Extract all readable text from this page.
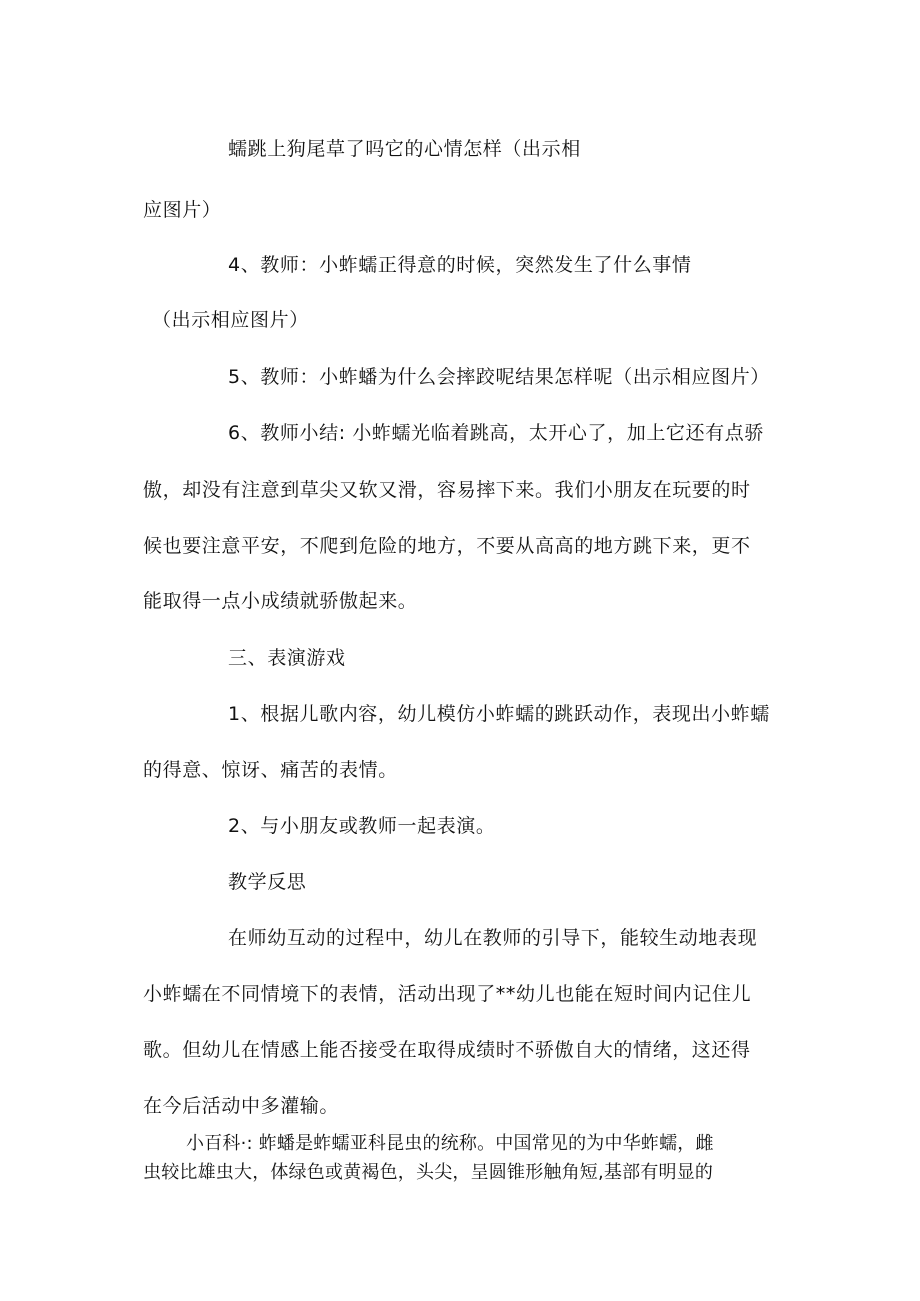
蠕跳上狗尾草了吗它的心情怎样（出示相
应图片）
4、教师：小蚱蠕正得意的时候，突然发生了什么事情
（出示相应图片）
5、教师：小蚱蟠为什么会摔跤呢结果怎样呢（出示相应图片）
6、教师小结: 小蚱蠕光临着跳高，太开心了，加上它还有点骄
傲，却没有注意到草尖又软又滑，容易摔下来。我们小朋友在玩要的时
候也要注意平安，不爬到危险的地方，不要从高高的地方跳下来，更不
能取得一点小成绩就骄傲起来。
三、表演游戏
1、根据儿歌内容，幼儿模仿小蚱蠕的跳跃动作，表现出小蚱蠕
的得意、惊讶、痛苦的表情。
2、与小朋友或教师一起表演。
教学反思
在师幼互动的过程中，幼儿在教师的引导下，能较生动地表现
小蚱蠕在不同情境下的表情，活动出现了**幼儿也能在短时间内记住儿
歌。但幼儿在情感上能否接受在取得成绩时不骄傲自大的情绪，这还得
在今后活动中多灌输。
小百科·: 蚱蟠是蚱蠕亚科昆虫的统称。中国常见的为中华蚱蠕，雌
虫较比雄虫大，体绿色或黄褐色，头尖，呈圆锥形触角短,基部有明显的
